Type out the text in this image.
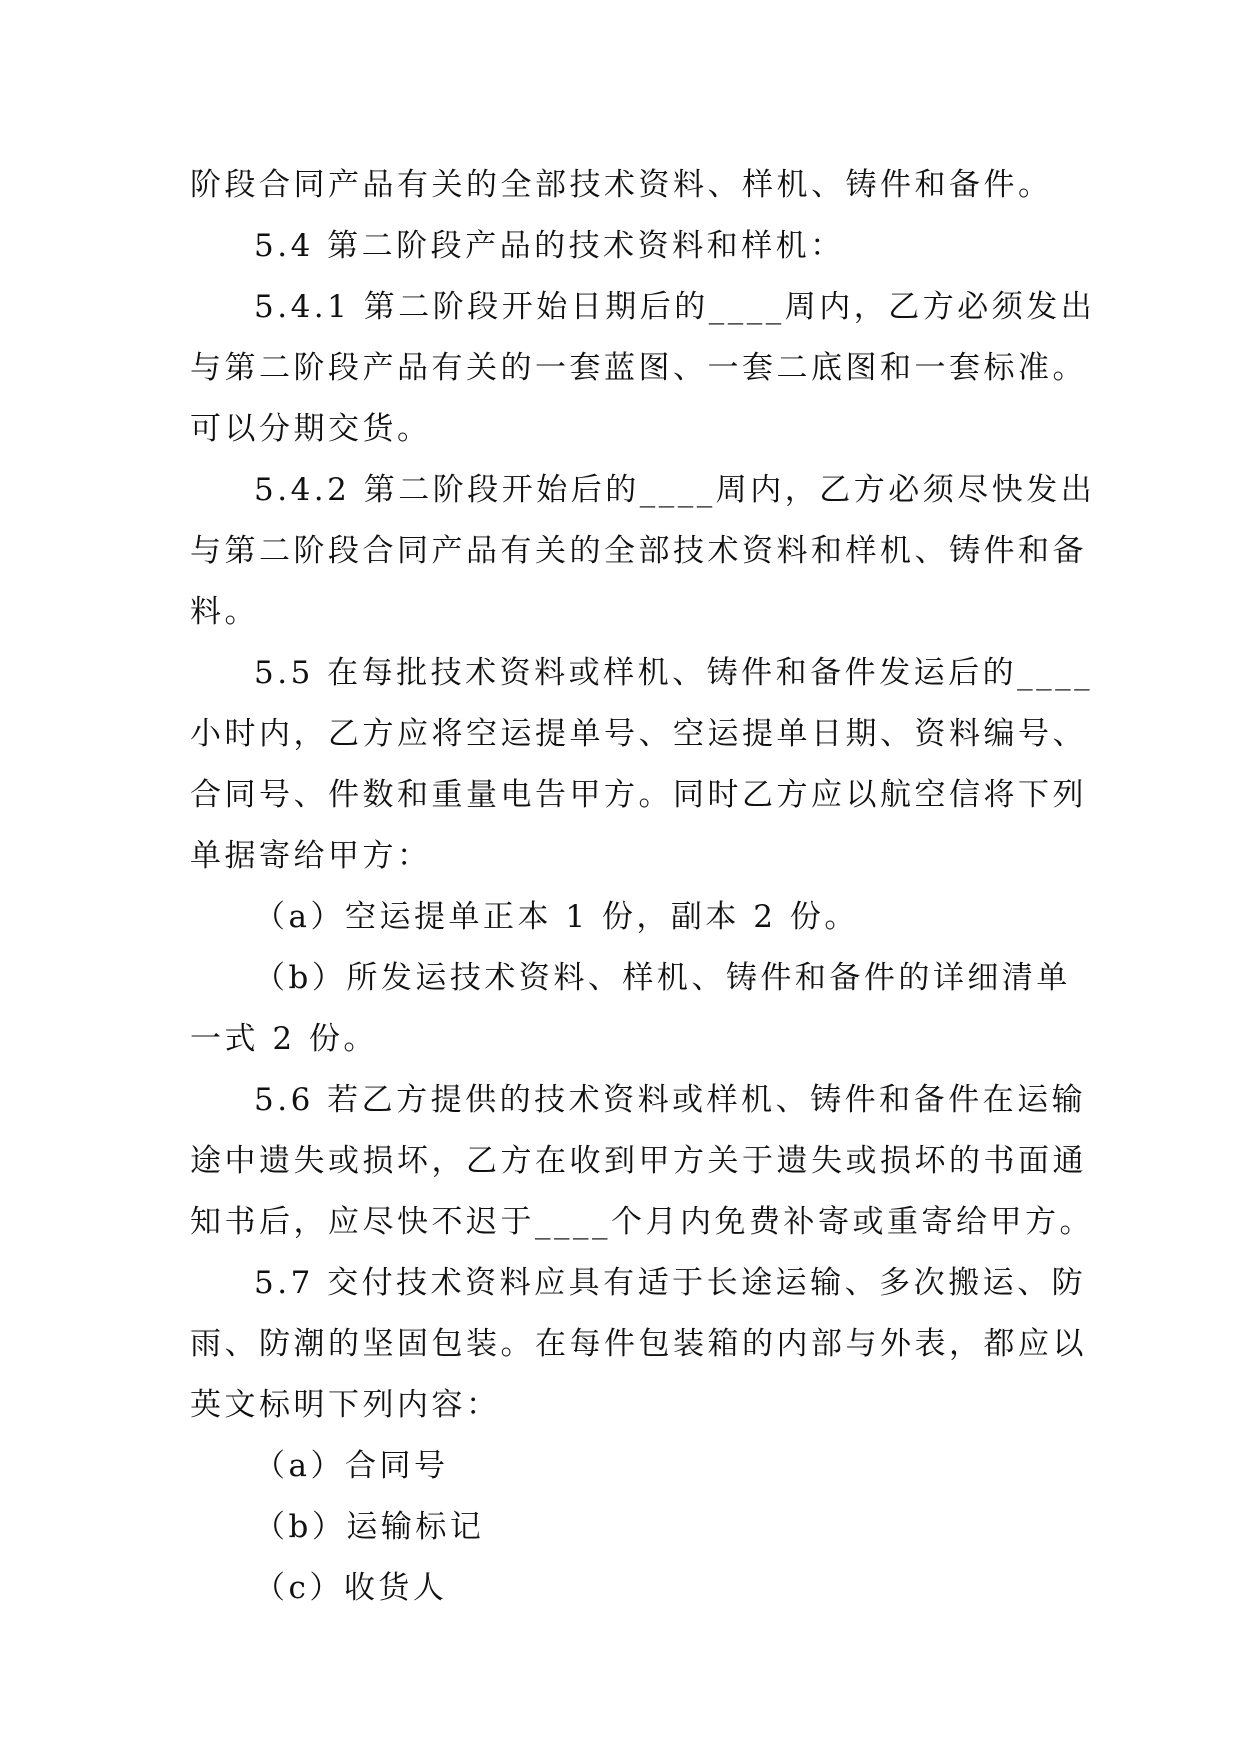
阶段合同产品有关的全部技术资料、样机、铸件和备件。
5.4 第二阶段产品的技术资料和样机：
5.4.1 第二阶段开始日期后的____周内，乙方必须发出
与第二阶段产品有关的一套蓝图、一套二底图和一套标准。
可以分期交货。
5.4.2 第二阶段开始后的____周内，乙方必须尽快发出
与第二阶段合同产品有关的全部技术资料和样机、铸件和备
料。
5.5 在每批技术资料或样机、铸件和备件发运后的____
小时内，乙方应将空运提单号、空运提单日期、资料编号、
合同号、件数和重量电告甲方。同时乙方应以航空信将下列
单据寄给甲方：
（a）空运提单正本 1 份，副本 2 份。
（b）所发运技术资料、样机、铸件和备件的详细清单
一式 2 份。
5.6 若乙方提供的技术资料或样机、铸件和备件在运输
途中遗失或损坏，乙方在收到甲方关于遗失或损坏的书面通
知书后，应尽快不迟于____个月内免费补寄或重寄给甲方。
5.7 交付技术资料应具有适于长途运输、多次搬运、防
雨、防潮的坚固包装。在每件包装箱的内部与外表，都应以
英文标明下列内容：
（a）合同号
（b）运输标记
（c）收货人
